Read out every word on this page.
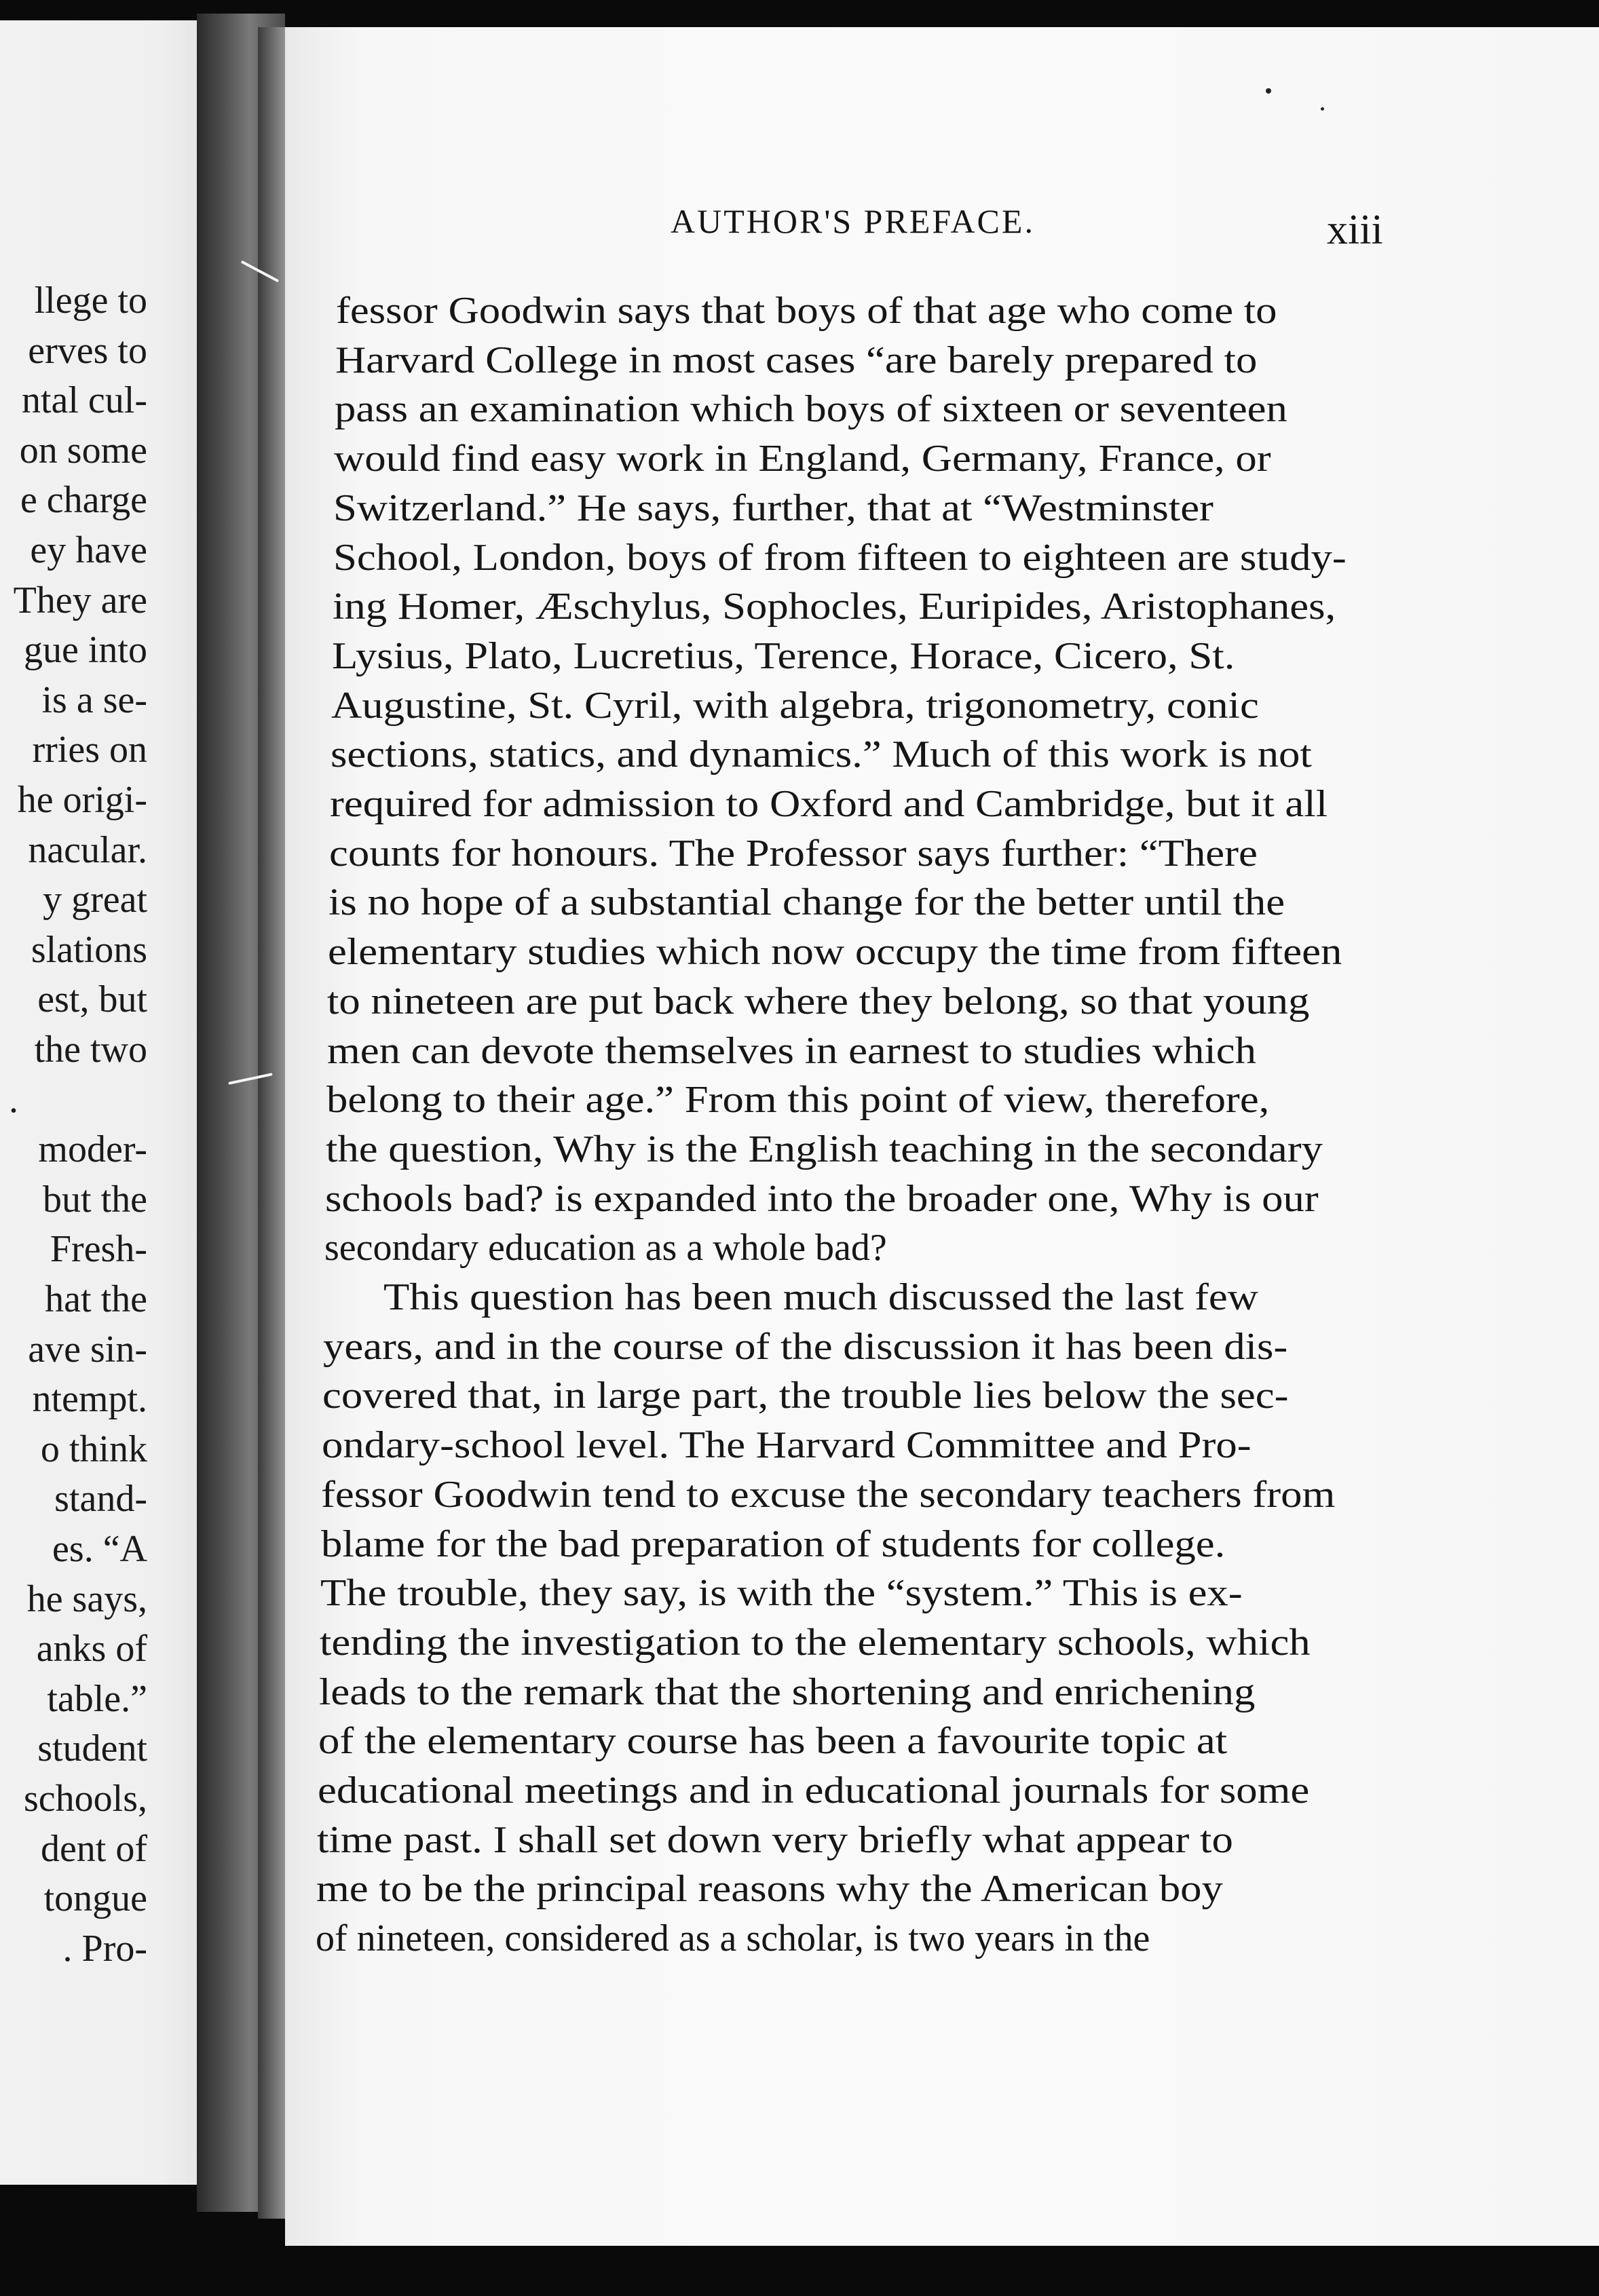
llege to
erves to
ntal cul-
on some
e charge
ey have
They are
gue into
is a se-
rries on
he origi-
nacular.
y great
slations
est, but
the two
.
moder-
but the
Fresh-
hat the
ave sin-
ntempt.
o think
stand-
es. “A
he says,
anks of
table.”
student
schools,
dent of
tongue
. Pro-
AUTHOR'S PREFACE.	xiii
fessor Goodwin says that boys of that age who come to
Harvard College in most cases “are barely prepared to
pass an examination which boys of sixteen or seventeen
would find easy work in England, Germany, France, or
Switzerland.” He says, further, that at “Westminster
School, London, boys of from fifteen to eighteen are study-
ing Homer, Æschylus, Sophocles, Euripides, Aristophanes,
Lysius, Plato, Lucretius, Terence, Horace, Cicero, St.
Augustine, St. Cyril, with algebra, trigonometry, conic
sections, statics, and dynamics.” Much of this work is not
required for admission to Oxford and Cambridge, but it all
counts for honours. The Professor says further: “There
is no hope of a substantial change for the better until the
elementary studies which now occupy the time from fifteen
to nineteen are put back where they belong, so that young
men can devote themselves in earnest to studies which
belong to their age.” From this point of view, therefore,
the question, Why is the English teaching in the secondary
schools bad? is expanded into the broader one, Why is our
secondary education as a whole bad?
This question has been much discussed the last few
years, and in the course of the discussion it has been dis-
covered that, in large part, the trouble lies below the sec-
ondary-school level. The Harvard Committee and Pro-
fessor Goodwin tend to excuse the secondary teachers from
blame for the bad preparation of students for college.
The trouble, they say, is with the “system.” This is ex-
tending the investigation to the elementary schools, which
leads to the remark that the shortening and enrichening
of the elementary course has been a favourite topic at
educational meetings and in educational journals for some
time past. I shall set down very briefly what appear to
me to be the principal reasons why the American boy
of nineteen, considered as a scholar, is two years in the
